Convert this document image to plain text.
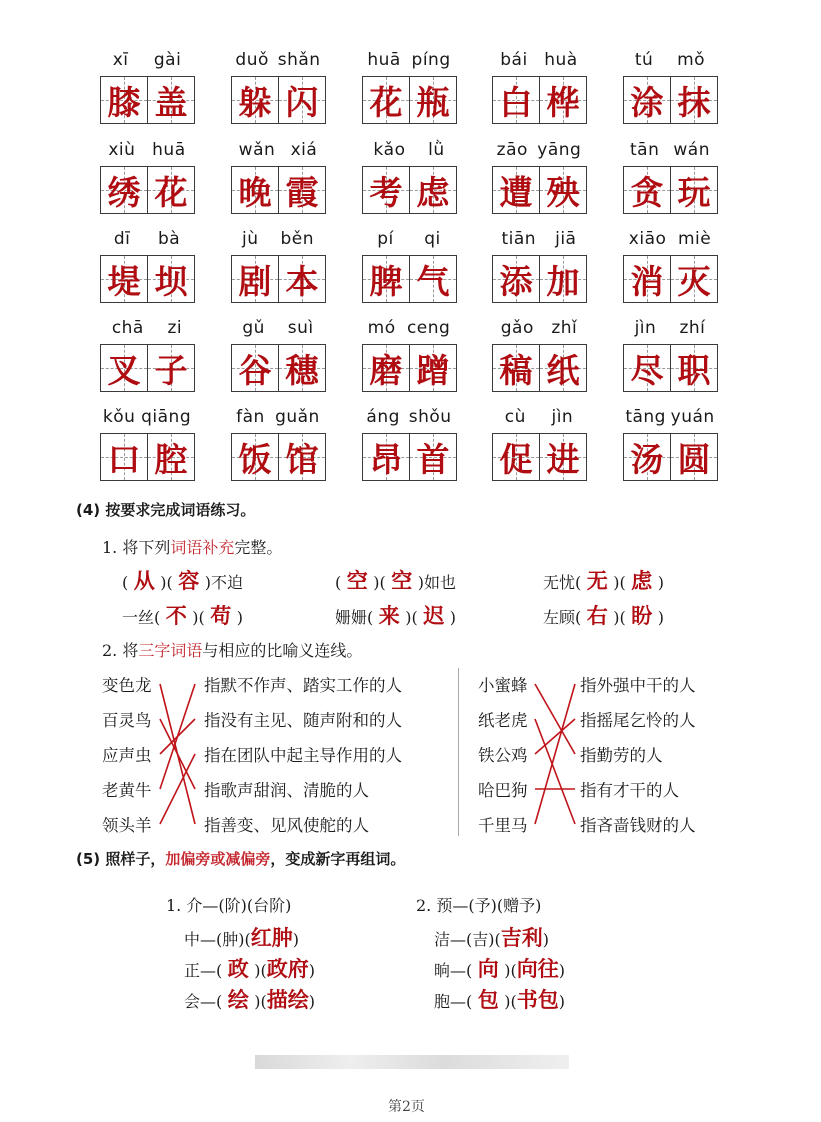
xī gài
膝 盖
duǒ shǎn
躲 闪
huā píng
花 瓶
bái huà
白 桦
tú mǒ
涂 抹
xiù huā
绣 花
wǎn xiá
晚 霞
kǎo lǜ
考 虑
zāo yāng
遭 殃
tān wán
贪 玩
dī bà
堤 坝
jù běn
剧 本
pí qi
脾 气
tiān jiā
添 加
xiāo miè
消 灭
chā zi
叉 子
gǔ suì
谷 穗
mó ceng
磨 蹭
gǎo zhǐ
稿 纸
jìn zhí
尽 职
kǒu qiāng
口 腔
fàn guǎn
饭 馆
áng shǒu
昂 首
cù jìn
促 进
tāng yuán
汤 圆
(4) 按要求完成词语练习。
1. 将下列词语补充完整。
( 从 )( 容 )不迫	( 空 )( 空 )如也	无忧( 无 )( 虑 )
一丝( 不 )( 苟 )	姗姗( 来 )( 迟 )	左顾( 右 )( 盼 )
2. 将三字词语与相应的比喻义连线。
变色龙
百灵鸟
应声虫
老黄牛
领头羊
指默不作声、踏实工作的人
指没有主见、随声附和的人
指在团队中起主导作用的人
指歌声甜润、清脆的人
指善变、见风使舵的人
小蜜蜂
纸老虎
铁公鸡
哈巴狗
千里马
指外强中干的人
指摇尾乞怜的人
指勤劳的人
指有才干的人
指吝啬钱财的人
(5) 照样子，加偏旁或减偏旁，变成新字再组词。
1. 介—(阶)(台阶)	2. 预—(予)(赠予)
中—(肿)(红肿)
正—( 政 )(政府)
会—( 绘 )(描绘)
洁—(吉)(吉利)
晌—( 向 )(向往)
胞—( 包 )(书包)
第2页
